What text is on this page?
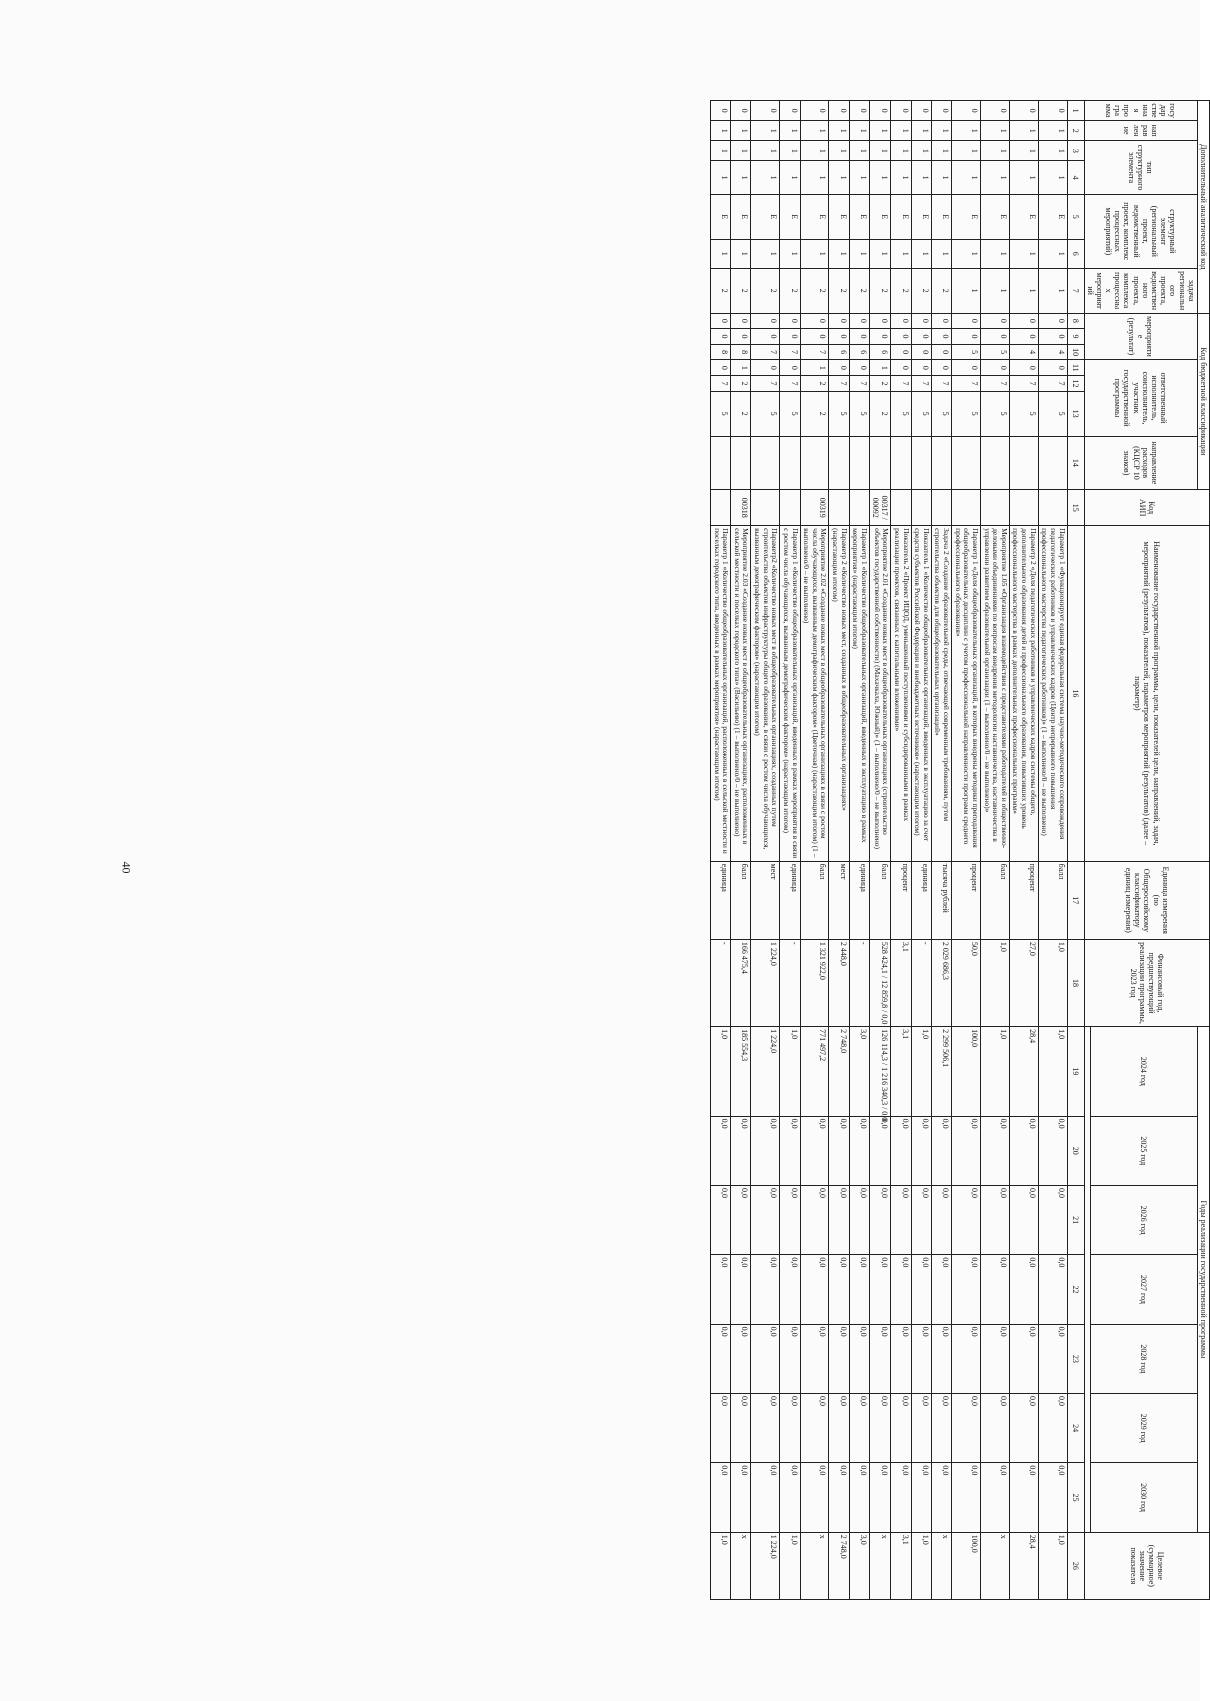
40
Дополнительный аналитический код							Код бюджетной классификации							Код АИП	Наименование государственной программы, цели, показателей цели, направлений, задач, мероприятий (результатов), показателей, параметров мероприятий (результатов) (далее – параметр)	Единица измерения (по Общероссийскому классификатору единиц измерения)	Финансовый год, предшествующий реализации программы, 2023 год	Годы реализации государственной программы							Целевое (суммарное) значение показателя
государственная программа	направление	тип структурного элемента		структурный элемент (региональный проект, ведомственный проект, комплекс процессных мероприятий)		задача регионального проекта, ведомственного проекта, комплекса процессных мероприятий	мероприятие (результат)			ответственный исполнитель, соисполнитель, участник государственной программы			направление расходов (КЦСР 10 знаков)					2024 год	2025 год	2026 год	2027 год	2028 год	2029 год	2030 год	

1	2	3	4	5	6	7	8	9	10	11	12	13	14	15	16	17	18	19	20	21	22	23	24	25	26
0	1	1	1	Е	1	1	0	0	4	0	7	5			Параметр 1 «Функционирует единая федеральная система научно-методического сопровождения педагогических работников и управленческих кадров (Центр непрерывного повышения профессионального мастерства педагогических работников)» (1 – выполнено/0 – не выполнено)	балл	1,0	1,0	0,0	0,0	0,0	0,0	0,0	0,0	1,0
0	1	1	1	Е	1	1	0	0	4	0	7	5			Параметр 2 «Доля педагогических работников и управленческих кадров системы общего, дополнительного образования детей и профессионального образования, повысивших уровень профессионального мастерства в рамках дополнительных профессиональных программ»	процент	27,0	28,4	0,0	0,0	0,0	0,0	0,0	0,0	28,4
0	1	1	1	Е	1	1	0	0	5	0	7	5			Мероприятие 1.05 «Организация взаимодействия с представителями работодателей и общественно-деловыми объединениями по вопросам внедрения методологии наставничества, наставничества в управлении развитием образовательной организации (1 – выполнено/0 – не выполнено)»	балл	1,0	1,0	0,0	0,0	0,0	0,0	0,0	0,0	х
0	1	1	1	Е	1	1	0	0	5	0	7	5			Параметр 1 «Доля общеобразовательных организаций, в которых внедрены методики преподавания общеобразовательных дисциплин с учетом профессиональной направленности программ среднего профессионального образования»	процент	50,0	100,0	0,0	0,0	0,0	0,0	0,0	0,0	100,0
0	1	1	1	Е	1	2	0	0	0	0	7	5			Задача 2 «Создание образовательной среды, отвечающей современным требованиям, путем строительства объектов для общеобразовательных организаций»	тысяча рублей	2 029 686,3	2 299 506,1	0,0	0,0	0,0	0,0	0,0	0,0	х
0	1	1	1	Е	1	2	0	0	0	0	7	5			Показатель 1 «Количество общеобразовательных организаций, введенных в эксплуатацию за счет средств субъектов Российской Федерации и внебюджетных источников» (нарастающим итогом)	единица	-	1,0	0,0	0,0	0,0	0,0	0,0	0,0	1,0
0	1	1	1	Е	1	2	0	0	0	0	7	5			Показатель 2 «Проект ИЦОД, уменьшенный поступлениями и субсидированными в рамках реализации проектов, связанных с капитальными вложениями»	процент	3,1	3,1	0,0	0,0	0,0	0,0	0,0	0,0	3,1
0	1	1	1	Е	1	2	0	0	6	1	2	2		00317 / 00092	Мероприятие 2.01 «Создание новых мест в общеобразовательных организациях (строительство объектов государственной собственности) (Махачкала, Южный)» (1 – выполнено/0 – не выполнено)	балл	528 424,1 / 12 859,8 / 0,0	126 114,3 / 1 216 340,3 / 0,0	0,0	0,0	0,0	0,0	0,0	0,0	х
0	1	1	1	Е	1	2	0	0	6	0	7	5			Параметр 1 «Количество общеобразовательных организаций, введенных в эксплуатацию в рамках мероприятия» (нарастающим итогом)	единица	-	3,0	0,0	0,0	0,0	0,0	0,0	0,0	3,0
0	1	1	1	Е	1	2	0	0	6	0	7	5			Параметр 2 «Количество новых мест, созданных в общеобразовательных организациях» (нарастающим итогом)	мест	2 448,0	2 748,0	0,0	0,0	0,0	0,0	0,0	0,0	2 748,0
0	1	1	1	Е	1	2	0	0	7	1	2	2		00319	Мероприятие 2.02 «Создание новых мест в общеобразовательных организациях в связи с ростом числа обучающихся, вызванным демографическим фактором» (Цветочная) (нарастающим итогом) (1 – выполнено/0 – не выполнено)	балл	1 321 922,0	771 497,2	0,0	0,0	0,0	0,0	0,0	0,0	х
0	1	1	1	Е	1	2	0	0	7	0	7	5			Параметр 1 «Количество общеобразовательных организаций, введенных в рамках мероприятия в связи с ростом числа обучающихся, вызванным демографическим фактором» (нарастающим итогом)	единица	-	1,0	0,0	0,0	0,0	0,0	0,0	0,0	1,0
0	1	1	1	Е	1	2	0	0	7	0	7	5			Параметр2 «Количество новых мест в общеобразовательных организациях, созданных путем строительства объектов инфраструктуры общего образования, в связи с ростом числа обучающихся, вызванным демографическим фактором» (нарастающим итогом)	мест	1 224,0	1 224,0	0,0	0,0	0,0	0,0	0,0	0,0	1 224,0
0	1	1	1	Е	1	2	0	0	8	1	2	2		00318	Мероприятие 2.03 «Создание новых мест в общеобразовательных организациях, расположенных в сельской местности и поселках городского типа» (Васильево) (1 – выполнено/0 – не выполнено)	балл	166 475,4	185 554,3	0,0	0,0	0,0	0,0	0,0	0,0	х
0	1	1	1	Е	1	2	0	0	8	0	7	5			Параметр 1 «Количество общеобразовательных организаций, расположенных в сельской местности и поселках городского типа, введенных в рамках мероприятия» (нарастающим итогом)	единица	-	1,0	0,0	0,0	0,0	0,0	0,0	0,0	1,0
